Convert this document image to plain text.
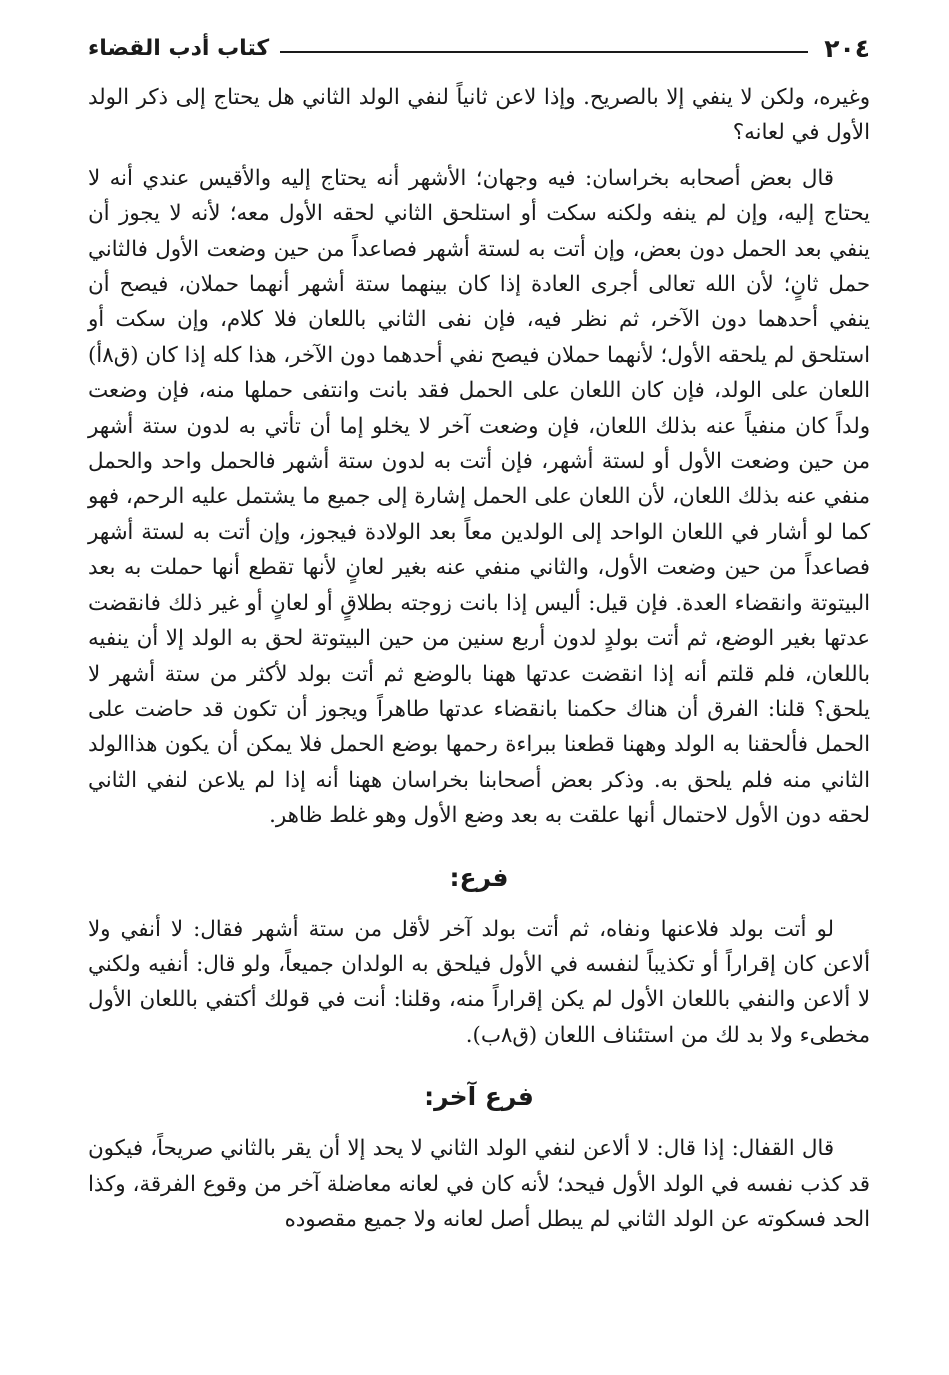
٢٠٤
كتاب أدب القضاء

وغيره، ولكن لا ينفي إلا بالصريح. وإذا لاعن ثانياً لنفي الولد الثاني هل يحتاج إلى ذكر الولد الأول في لعانه؟

قال بعض أصحابه بخراسان: فيه وجهان؛ الأشهر أنه يحتاج إليه والأقيس عندي أنه لا يحتاج إليه، وإن لم ينفه ولكنه سكت أو استلحق الثاني لحقه الأول معه؛ لأنه لا يجوز أن ينفي بعد الحمل دون بعض، وإن أتت به لستة أشهر فصاعداً من حين وضعت الأول فالثاني حمل ثانٍ؛ لأن الله تعالى أجرى العادة إذا كان بينهما ستة أشهر أنهما حملان، فيصح أن ينفي أحدهما دون الآخر، ثم نظر فيه، فإن نفى الثاني باللعان فلا كلام، وإن سكت أو استلحق لم يلحقه الأول؛ لأنهما حملان فيصح نفي أحدهما دون الآخر، هذا كله إذا كان (ق٨أ) اللعان على الولد، فإن كان اللعان على الحمل فقد بانت وانتفى حملها منه، فإن وضعت ولداً كان منفياً عنه بذلك اللعان، فإن وضعت آخر لا يخلو إما أن تأتي به لدون ستة أشهر من حين وضعت الأول أو لستة أشهر، فإن أتت به لدون ستة أشهر فالحمل واحد والحمل منفي عنه بذلك اللعان، لأن اللعان على الحمل إشارة إلى جميع ما يشتمل عليه الرحم، فهو كما لو أشار في اللعان الواحد إلى الولدين معاً بعد الولادة فيجوز، وإن أتت به لستة أشهر فصاعداً من حين وضعت الأول، والثاني منفي عنه بغير لعانٍ لأنها تقطع أنها حملت به بعد البيتوتة وانقضاء العدة. فإن قيل: أليس إذا بانت زوجته بطلاقٍ أو لعانٍ أو غير ذلك فانقضت عدتها بغير الوضع، ثم أتت بولدٍ لدون أربع سنين من حين البيتوتة لحق به الولد إلا أن ينفيه باللعان، فلم قلتم أنه إذا انقضت عدتها ههنا بالوضع ثم أتت بولد لأكثر من ستة أشهر لا يلحق؟ قلنا: الفرق أن هناك حكمنا بانقضاء عدتها طاهراً ويجوز أن تكون قد حاضت على الحمل فألحقنا به الولد وههنا قطعنا ببراءة رحمها بوضع الحمل فلا يمكن أن يكون هذاالولد الثاني منه فلم يلحق به. وذكر بعض أصحابنا بخراسان ههنا أنه إذا لم يلاعن لنفي الثاني لحقه دون الأول لاحتمال أنها علقت به بعد وضع الأول وهو غلط ظاهر.

فرع:

لو أتت بولد فلاعنها ونفاه، ثم أتت بولد آخر لأقل من ستة أشهر فقال: لا أنفي ولا ألاعن كان إقراراً أو تكذيباً لنفسه في الأول فيلحق به الولدان جميعاً، ولو قال: أنفيه ولكني لا ألاعن والنفي باللعان الأول لم يكن إقراراً منه، وقلنا: أنت في قولك أكتفي باللعان الأول مخطىء ولا بد لك من استئناف اللعان (ق٨ب).

فرع آخر:

قال القفال: إذا قال: لا ألاعن لنفي الولد الثاني لا يحد إلا أن يقر بالثاني صريحاً، فيكون قد كذب نفسه في الولد الأول فيحد؛ لأنه كان في لعانه معاضلة آخر من وقوع الفرقة، وكذا الحد فسكوته عن الولد الثاني لم يبطل أصل لعانه ولا جميع مقصوده
